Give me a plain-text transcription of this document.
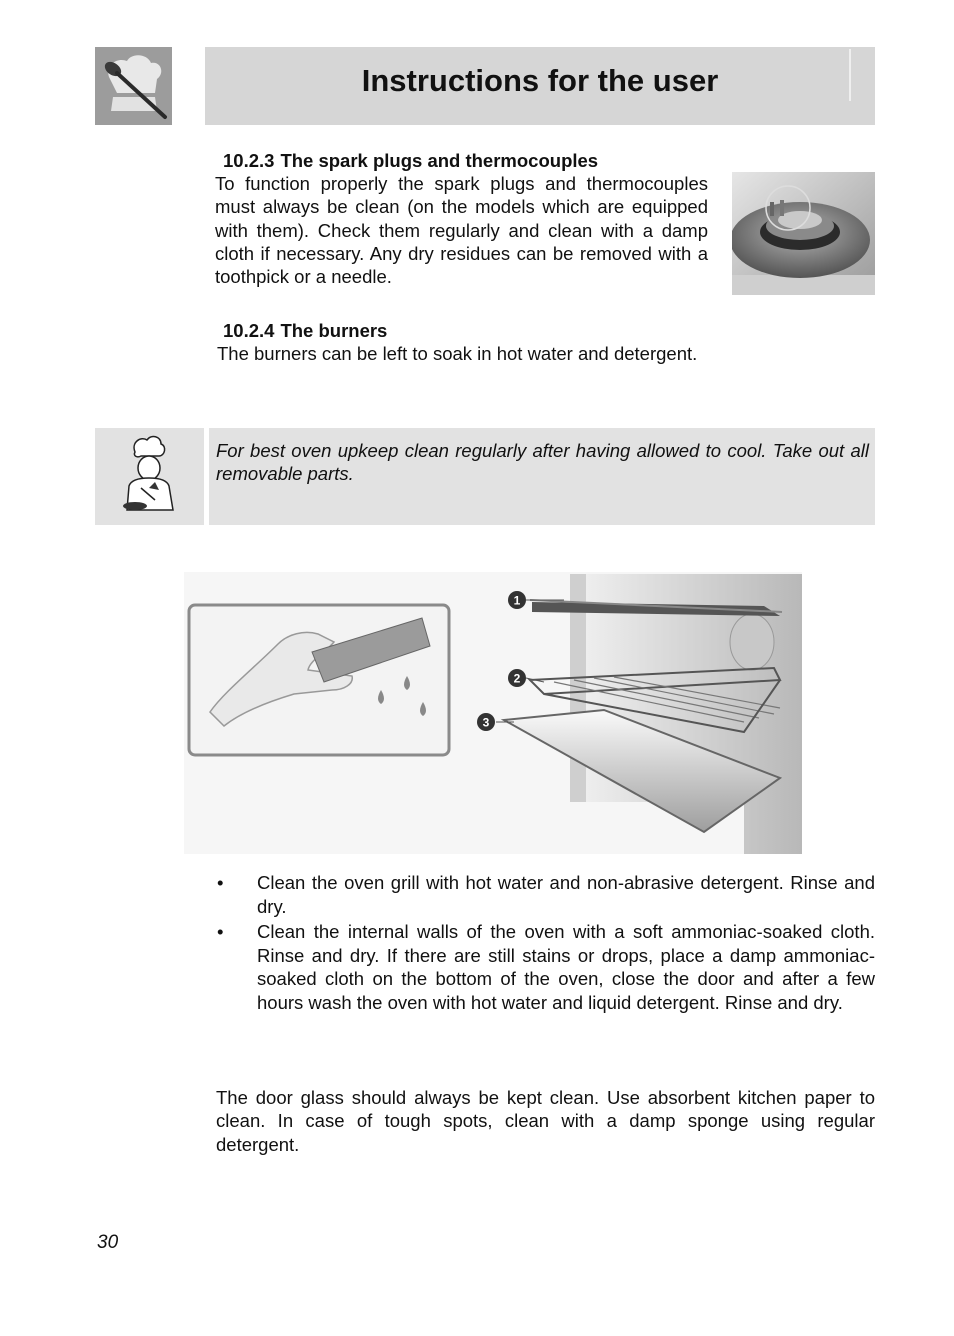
Instructions for the user
10.2.3 The spark plugs and thermocouples
To function properly the spark plugs and thermocouples must always be clean (on the models which are equipped with them). Check them regularly and clean with a damp cloth if necessary. Any dry residues can be removed with a toothpick or a needle.
10.2.4 The burners
The burners can be left to soak in hot water and detergent.
For best oven upkeep clean regularly after having allowed to cool. Take out all removable parts.
1
2
3
• Clean the oven grill with hot water and non-abrasive detergent. Rinse and dry.
• Clean the internal walls of the oven with a soft ammoniac-soaked cloth. Rinse and dry. If there are still stains or drops, place a damp ammoniac-soaked cloth on the bottom of the oven, close the door and after a few hours wash the oven with hot water and liquid detergent. Rinse and dry.
The door glass should always be kept clean. Use absorbent kitchen paper to clean. In case of tough spots, clean with a damp sponge using regular detergent.
30
